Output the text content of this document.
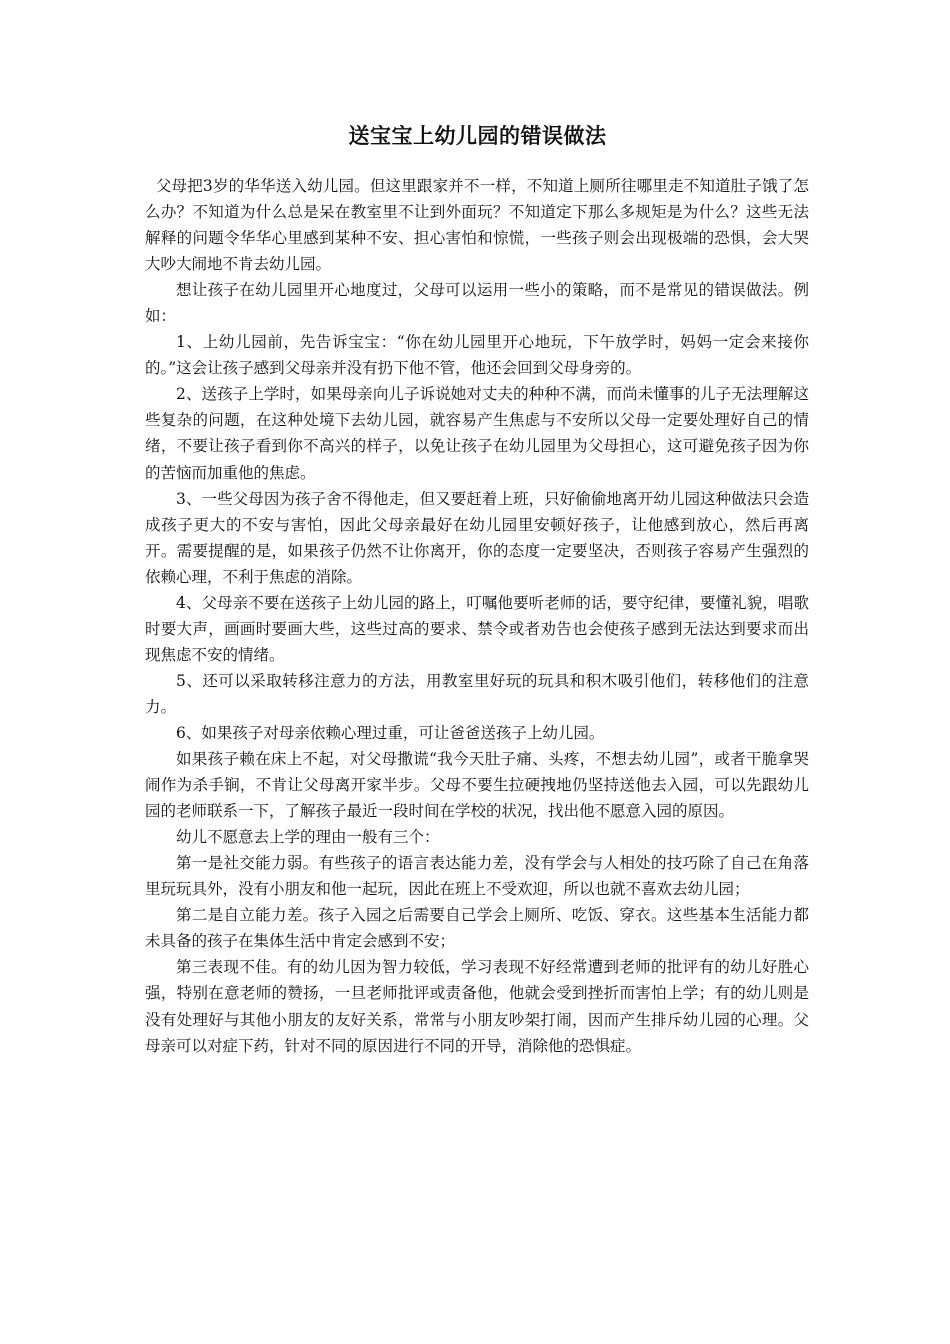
送宝宝上幼儿园的错误做法

父母把3岁的华华送入幼儿园。但这里跟家并不一样，不知道上厕所往哪里走不知道肚子饿了怎么办？不知道为什么总是呆在教室里不让到外面玩？不知道定下那么多规矩是为什么？这些无法解释的问题令华华心里感到某种不安、担心害怕和惊慌，一些孩子则会出现极端的恐惧，会大哭大吵大闹地不肯去幼儿园。

想让孩子在幼儿园里开心地度过，父母可以运用一些小的策略，而不是常见的错误做法。例如：

1、上幼儿园前，先告诉宝宝：“你在幼儿园里开心地玩，下午放学时，妈妈一定会来接你的。”这会让孩子感到父母亲并没有扔下他不管，他还会回到父母身旁的。

2、送孩子上学时，如果母亲向儿子诉说她对丈夫的种种不满，而尚未懂事的儿子无法理解这些复杂的问题，在这种处境下去幼儿园，就容易产生焦虑与不安所以父母一定要处理好自己的情绪，不要让孩子看到你不高兴的样子，以免让孩子在幼儿园里为父母担心，这可避免孩子因为你的苦恼而加重他的焦虑。

3、一些父母因为孩子舍不得他走，但又要赶着上班，只好偷偷地离开幼儿园这种做法只会造成孩子更大的不安与害怕，因此父母亲最好在幼儿园里安顿好孩子，让他感到放心，然后再离开。需要提醒的是，如果孩子仍然不让你离开，你的态度一定要坚决，否则孩子容易产生强烈的依赖心理，不利于焦虑的消除。

4、父母亲不要在送孩子上幼儿园的路上，叮嘱他要听老师的话，要守纪律，要懂礼貌，唱歌时要大声，画画时要画大些，这些过高的要求、禁令或者劝告也会使孩子感到无法达到要求而出现焦虑不安的情绪。

5、还可以采取转移注意力的方法，用教室里好玩的玩具和积木吸引他们，转移他们的注意力。

6、如果孩子对母亲依赖心理过重，可让爸爸送孩子上幼儿园。

如果孩子赖在床上不起，对父母撒谎“我今天肚子痛、头疼，不想去幼儿园”，或者干脆拿哭闹作为杀手锏，不肯让父母离开家半步。父母不要生拉硬拽地仍坚持送他去入园，可以先跟幼儿园的老师联系一下，了解孩子最近一段时间在学校的状况，找出他不愿意入园的原因。

幼儿不愿意去上学的理由一般有三个：

第一是社交能力弱。有些孩子的语言表达能力差，没有学会与人相处的技巧除了自己在角落里玩玩具外，没有小朋友和他一起玩，因此在班上不受欢迎，所以也就不喜欢去幼儿园；

第二是自立能力差。孩子入园之后需要自己学会上厕所、吃饭、穿衣。这些基本生活能力都未具备的孩子在集体生活中肯定会感到不安；

第三表现不佳。有的幼儿因为智力较低，学习表现不好经常遭到老师的批评有的幼儿好胜心强，特别在意老师的赞扬，一旦老师批评或责备他，他就会受到挫折而害怕上学；有的幼儿则是没有处理好与其他小朋友的友好关系，常常与小朋友吵架打闹，因而产生排斥幼儿园的心理。父母亲可以对症下药，针对不同的原因进行不同的开导，消除他的恐惧症。
